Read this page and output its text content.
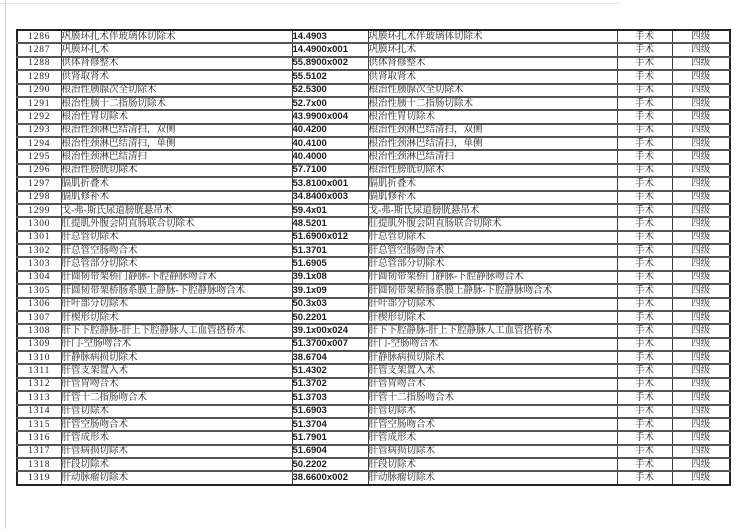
1286	巩膜环扎术伴玻璃体切除术	14.4903	巩膜环扎术伴玻璃体切除术	手术	四级
1287	巩膜环扎术	14.4900x001	巩膜环扎术	手术	四级
1288	供体肾修整术	55.8900x002	供体肾修整术	手术	四级
1289	供肾取肾术	55.5102	供肾取肾术	手术	四级
1290	根治性胰腺次全切除术	52.5300	根治性胰腺次全切除术	手术	四级
1291	根治性胰十二指肠切除术	52.7x00	根治性胰十二指肠切除术	手术	四级
1292	根治性胃切除术	43.9900x004	根治性胃切除术	手术	四级
1293	根治性颈淋巴结清扫，双侧	40.4200	根治性颈淋巴结清扫，双侧	手术	四级
1294	根治性颈淋巴结清扫，单侧	40.4100	根治性颈淋巴结清扫，单侧	手术	四级
1295	根治性颈淋巴结清扫	40.4000	根治性颈淋巴结清扫	手术	四级
1296	根治性膀胱切除术	57.7100	根治性膀胱切除术	手术	四级
1297	膈肌折叠术	53.8100x001	膈肌折叠术	手术	四级
1298	膈肌修补术	34.8400x003	膈肌修补术	手术	四级
1299	戈-弗-斯氏尿道膀胱悬吊术	59.4x01	戈-弗-斯氏尿道膀胱悬吊术	手术	四级
1300	肛提肌外腹会阴直肠联合切除术	48.5201	肛提肌外腹会阴直肠联合切除术	手术	四级
1301	肝总管切除术	51.6900x012	肝总管切除术	手术	四级
1302	肝总管空肠吻合术	51.3701	肝总管空肠吻合术	手术	四级
1303	肝总管部分切除术	51.6905	肝总管部分切除术	手术	四级
1304	肝圆韧带架桥门静脉-下腔静脉吻合术	39.1x08	肝圆韧带架桥门静脉-下腔静脉吻合术	手术	四级
1305	肝圆韧带架桥肠系膜上静脉-下腔静脉吻合术	39.1x09	肝圆韧带架桥肠系膜上静脉-下腔静脉吻合术	手术	四级
1306	肝叶部分切除术	50.3x03	肝叶部分切除术	手术	四级
1307	肝楔形切除术	50.2201	肝楔形切除术	手术	四级
1308	肝下下腔静脉-肝上下腔静脉人工血管搭桥术	39.1x00x024	肝下下腔静脉-肝上下腔静脉人工血管搭桥术	手术	四级
1309	肝门-空肠吻合术	51.3700x007	肝门-空肠吻合术	手术	四级
1310	肝静脉病损切除术	38.6704	肝静脉病损切除术	手术	四级
1311	肝管支架置入术	51.4302	肝管支架置入术	手术	四级
1312	肝管胃吻合术	51.3702	肝管胃吻合术	手术	四级
1313	肝管十二指肠吻合术	51.3703	肝管十二指肠吻合术	手术	四级
1314	肝管切除术	51.6903	肝管切除术	手术	四级
1315	肝管空肠吻合术	51.3704	肝管空肠吻合术	手术	四级
1316	肝管成形术	51.7901	肝管成形术	手术	四级
1317	肝管病损切除术	51.6904	肝管病损切除术	手术	四级
1318	肝段切除术	50.2202	肝段切除术	手术	四级
1319	肝动脉瘤切除术	38.6600x002	肝动脉瘤切除术	手术	四级
